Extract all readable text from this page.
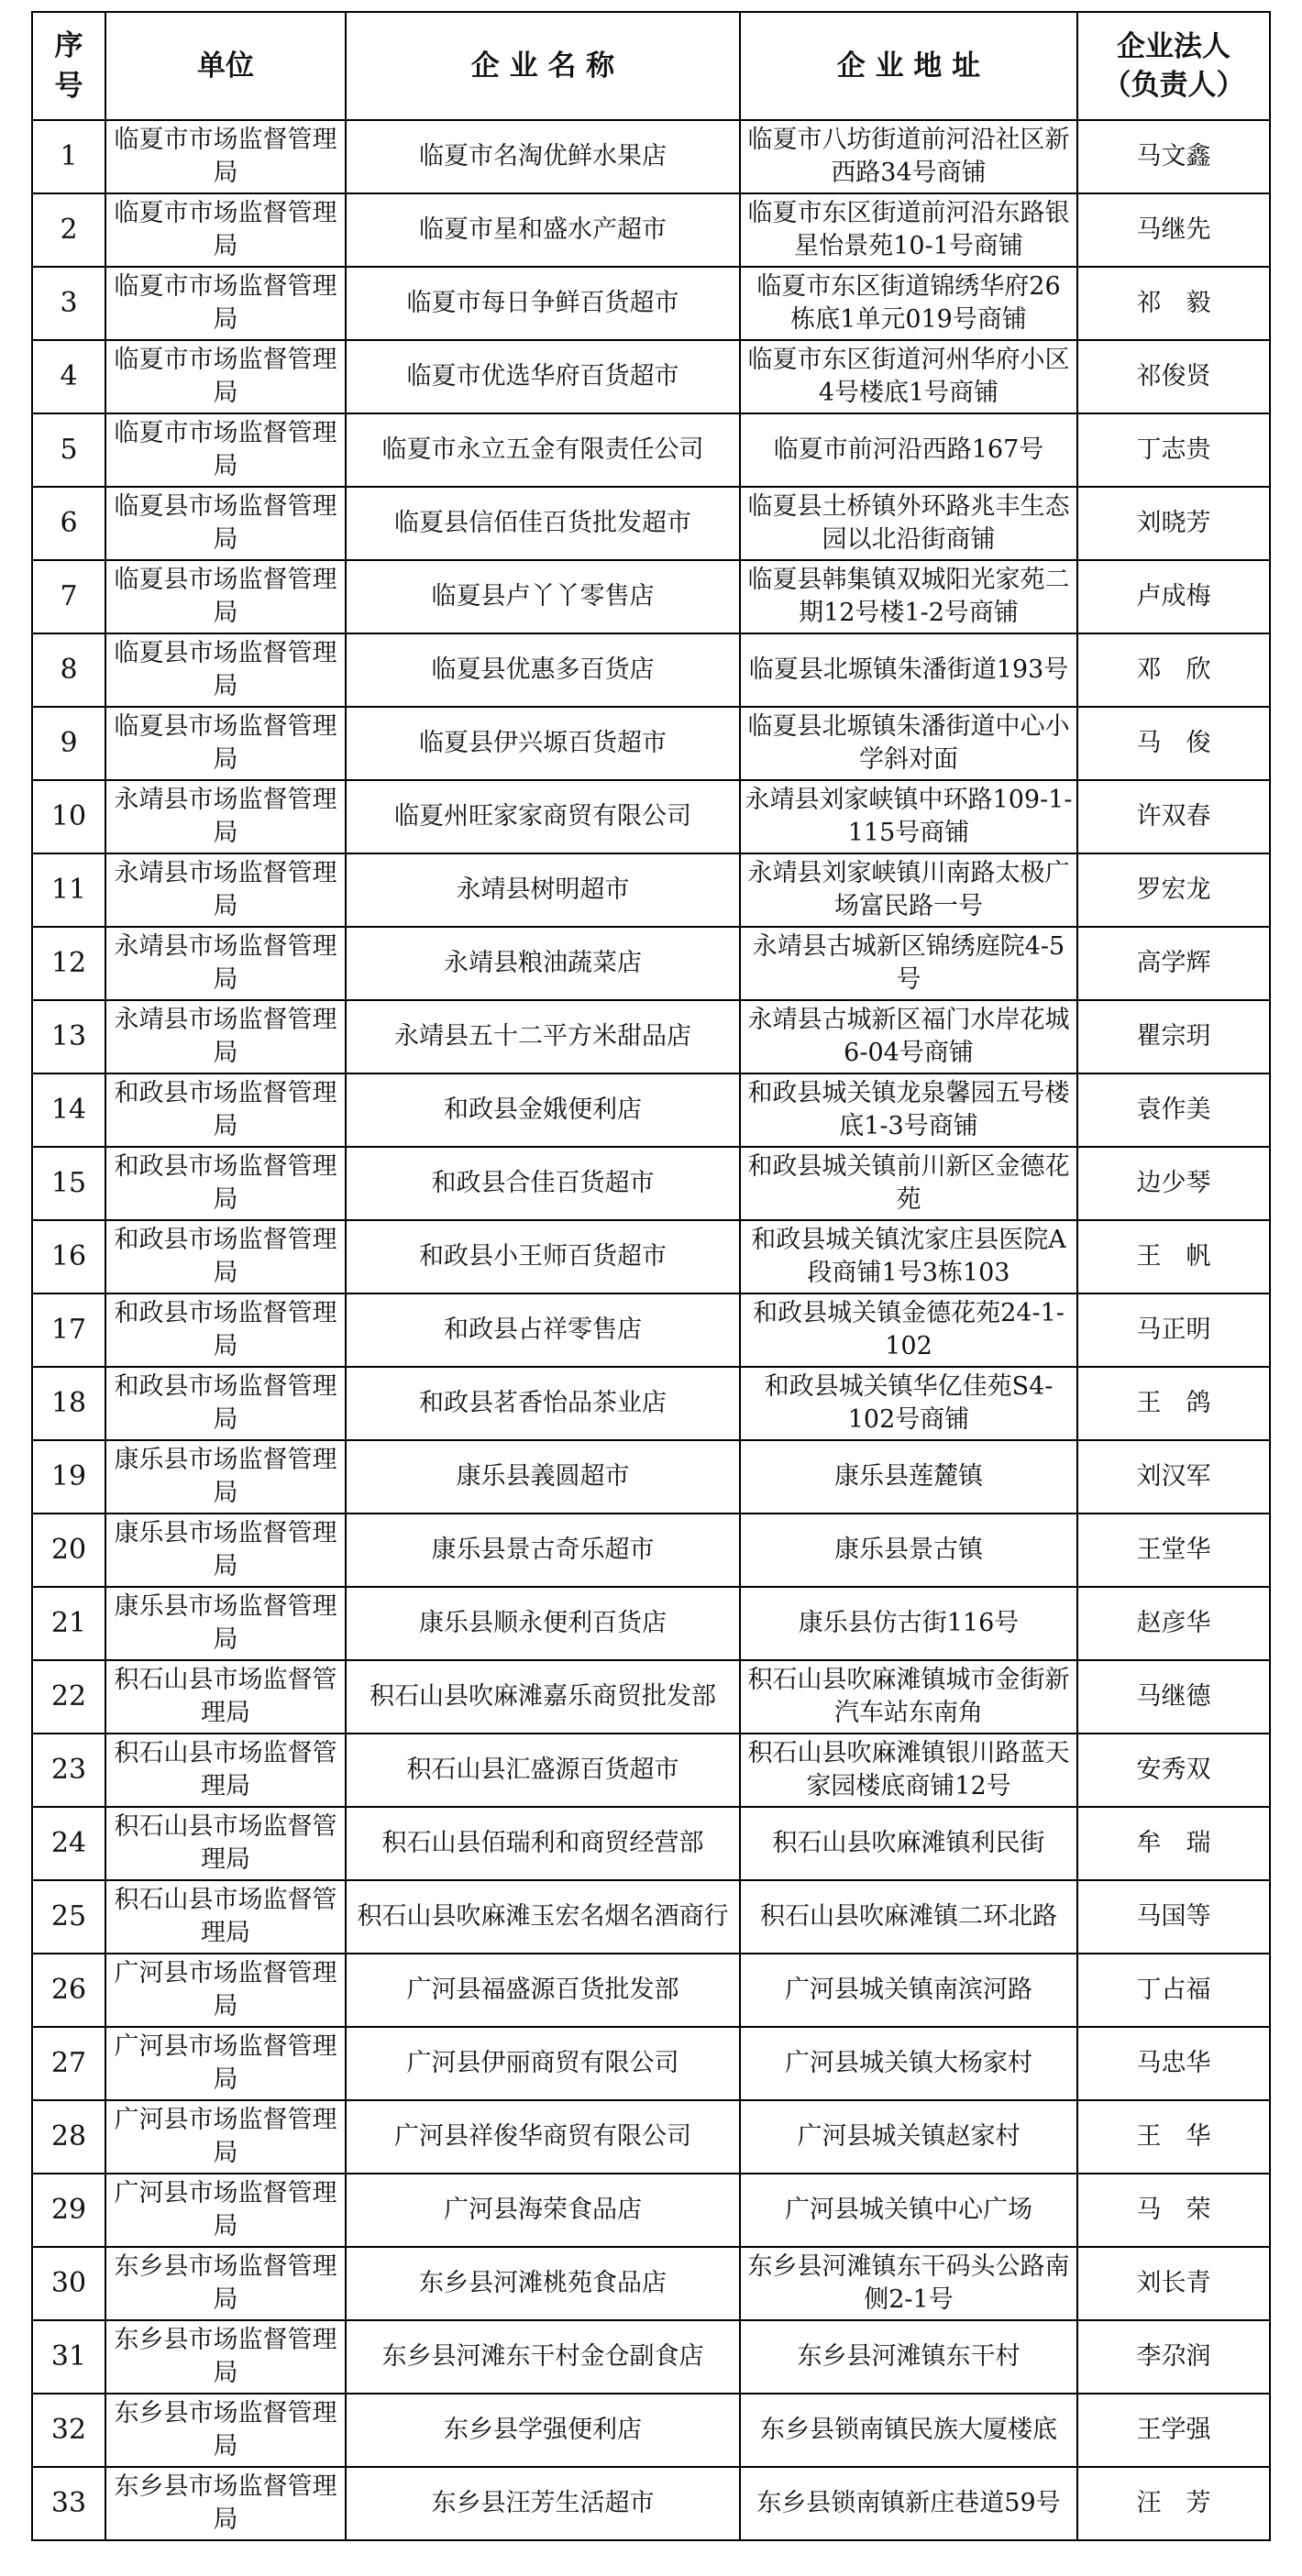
序号	单位	企 业 名 称	企 业 地 址	企业法人
（负责人）

1	临夏市市场监督管理局	临夏市名淘优鲜水果店	临夏市八坊街道前河沿社区新西路34号商铺	马文鑫
2	临夏市市场监督管理局	临夏市星和盛水产超市	临夏市东区街道前河沿东路银星怡景苑10-1号商铺	马继先
3	临夏市市场监督管理局	临夏市每日争鲜百货超市	临夏市东区街道锦绣华府26栋底1单元019号商铺	祁　毅
4	临夏市市场监督管理局	临夏市优选华府百货超市	临夏市东区街道河州华府小区4号楼底1号商铺	祁俊贤
5	临夏市市场监督管理局	临夏市永立五金有限责任公司	临夏市前河沿西路167号	丁志贵
6	临夏县市场监督管理局	临夏县信佰佳百货批发超市	临夏县土桥镇外环路兆丰生态园以北沿街商铺	刘晓芳
7	临夏县市场监督管理局	临夏县卢丫丫零售店	临夏县韩集镇双城阳光家苑二期12号楼1-2号商铺	卢成梅
8	临夏县市场监督管理局	临夏县优惠多百货店	临夏县北塬镇朱潘街道193号	邓　欣
9	临夏县市场监督管理局	临夏县伊兴塬百货超市	临夏县北塬镇朱潘街道中心小学斜对面	马　俊
10	永靖县市场监督管理局	临夏州旺家家商贸有限公司	永靖县刘家峡镇中环路109-1-115号商铺	许双春
11	永靖县市场监督管理局	永靖县树明超市	永靖县刘家峡镇川南路太极广场富民路一号	罗宏龙
12	永靖县市场监督管理局	永靖县粮油蔬菜店	永靖县古城新区锦绣庭院4-5号	高学辉
13	永靖县市场监督管理局	永靖县五十二平方米甜品店	永靖县古城新区福门水岸花城6-04号商铺	瞿宗玥
14	和政县市场监督管理局	和政县金娥便利店	和政县城关镇龙泉馨园五号楼底1-3号商铺	袁作美
15	和政县市场监督管理局	和政县合佳百货超市	和政县城关镇前川新区金德花苑	边少琴
16	和政县市场监督管理局	和政县小王师百货超市	和政县城关镇沈家庄县医院A段商铺1号3栋103	王　帆
17	和政县市场监督管理局	和政县占祥零售店	和政县城关镇金德花苑24-1-102	马正明
18	和政县市场监督管理局	和政县茗香怡品茶业店	和政县城关镇华亿佳苑S4-102号商铺	王　鸽
19	康乐县市场监督管理局	康乐县義圆超市	康乐县莲麓镇	刘汉军
20	康乐县市场监督管理局	康乐县景古奇乐超市	康乐县景古镇	王堂华
21	康乐县市场监督管理局	康乐县顺永便利百货店	康乐县仿古街116号	赵彦华
22	积石山县市场监督管理局	积石山县吹麻滩嘉乐商贸批发部	积石山县吹麻滩镇城市金街新汽车站东南角	马继德
23	积石山县市场监督管理局	积石山县汇盛源百货超市	积石山县吹麻滩镇银川路蓝天家园楼底商铺12号	安秀双
24	积石山县市场监督管理局	积石山县佰瑞利和商贸经营部	积石山县吹麻滩镇利民街	牟　瑞
25	积石山县市场监督管理局	积石山县吹麻滩玉宏名烟名酒商行	积石山县吹麻滩镇二环北路	马国等
26	广河县市场监督管理局	广河县福盛源百货批发部	广河县城关镇南滨河路	丁占福
27	广河县市场监督管理局	广河县伊丽商贸有限公司	广河县城关镇大杨家村	马忠华
28	广河县市场监督管理局	广河县祥俊华商贸有限公司	广河县城关镇赵家村	王　华
29	广河县市场监督管理局	广河县海荣食品店	广河县城关镇中心广场	马　荣
30	东乡县市场监督管理局	东乡县河滩桃苑食品店	东乡县河滩镇东干码头公路南侧2-1号	刘长青
31	东乡县市场监督管理局	东乡县河滩东干村金仓副食店	东乡县河滩镇东干村	李尕润
32	东乡县市场监督管理局	东乡县学强便利店	东乡县锁南镇民族大厦楼底	王学强
33	东乡县市场监督管理局	东乡县汪芳生活超市	东乡县锁南镇新庄巷道59号	汪　芳
